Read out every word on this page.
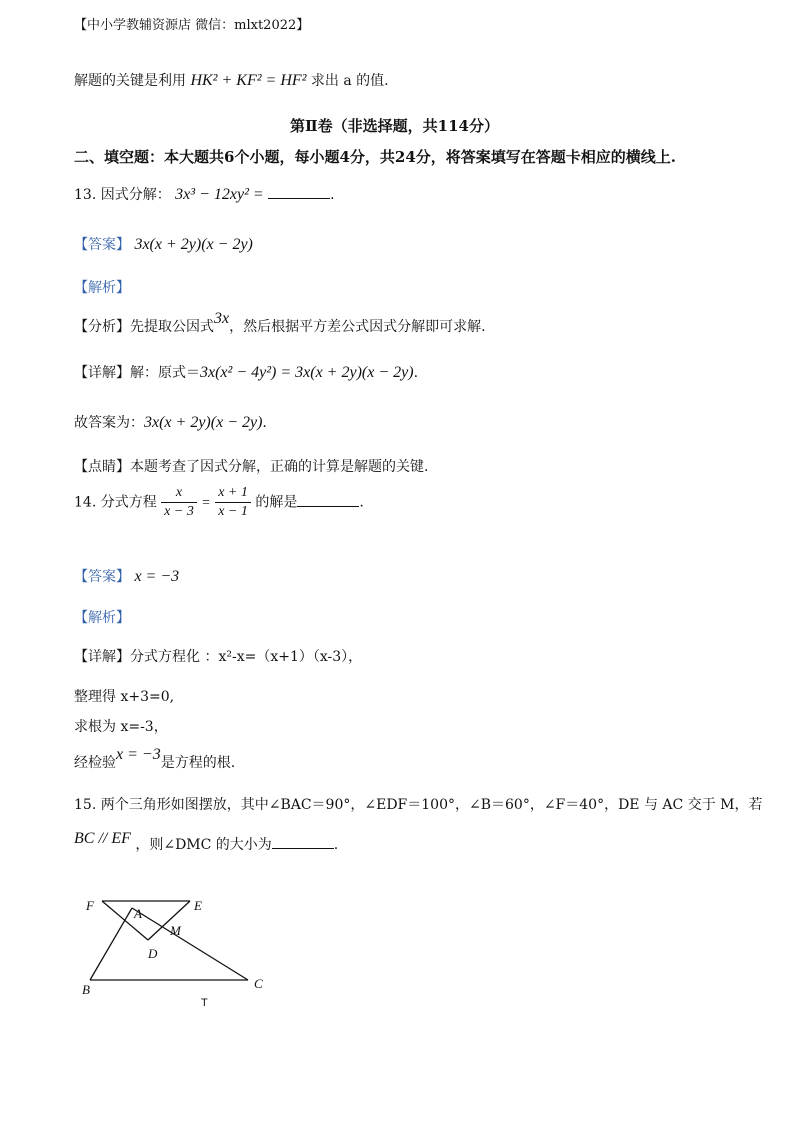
【中小学教辅资源店 微信：mlxt2022】
解题的关键是利用 HK² + KF² = HF² 求出 a 的值.
第Ⅱ卷（非选择题，共114分）
二、填空题：本大题共6个小题，每小题4分，共24分，将答案填写在答题卡相应的横线上.
13. 因式分解： 3x³ − 12xy² =	.
【答案】 3x(x + 2y)(x − 2y)
【解析】
【分析】先提取公因式3x，然后根据平方差公式因式分解即可求解.
【详解】解：原式＝3x(x² − 4y²) = 3x(x + 2y)(x − 2y).
故答案为：3x(x + 2y)(x − 2y).
【点睛】本题考查了因式分解，正确的计算是解题的关键.
14. 分式方程 $\frac{x}{x - 3} = \frac{x + 1}{x - 1}$ 的解是	.
【答案】 x = −3
【解析】
【详解】分式方程化 ：x²-x=（x+1）（x-3），
整理得 x+3=0,
求根为 x=-3，
经检验x = −3是方程的根.
15. 两个三角形如图摆放，其中∠BAC＝90°，∠EDF＝100°，∠B＝60°，∠F＝40°，DE 与 AC 交于 M，若
BC // EF ，则∠DMC 的大小为	.
F	E
A
M
D
B	C
T
